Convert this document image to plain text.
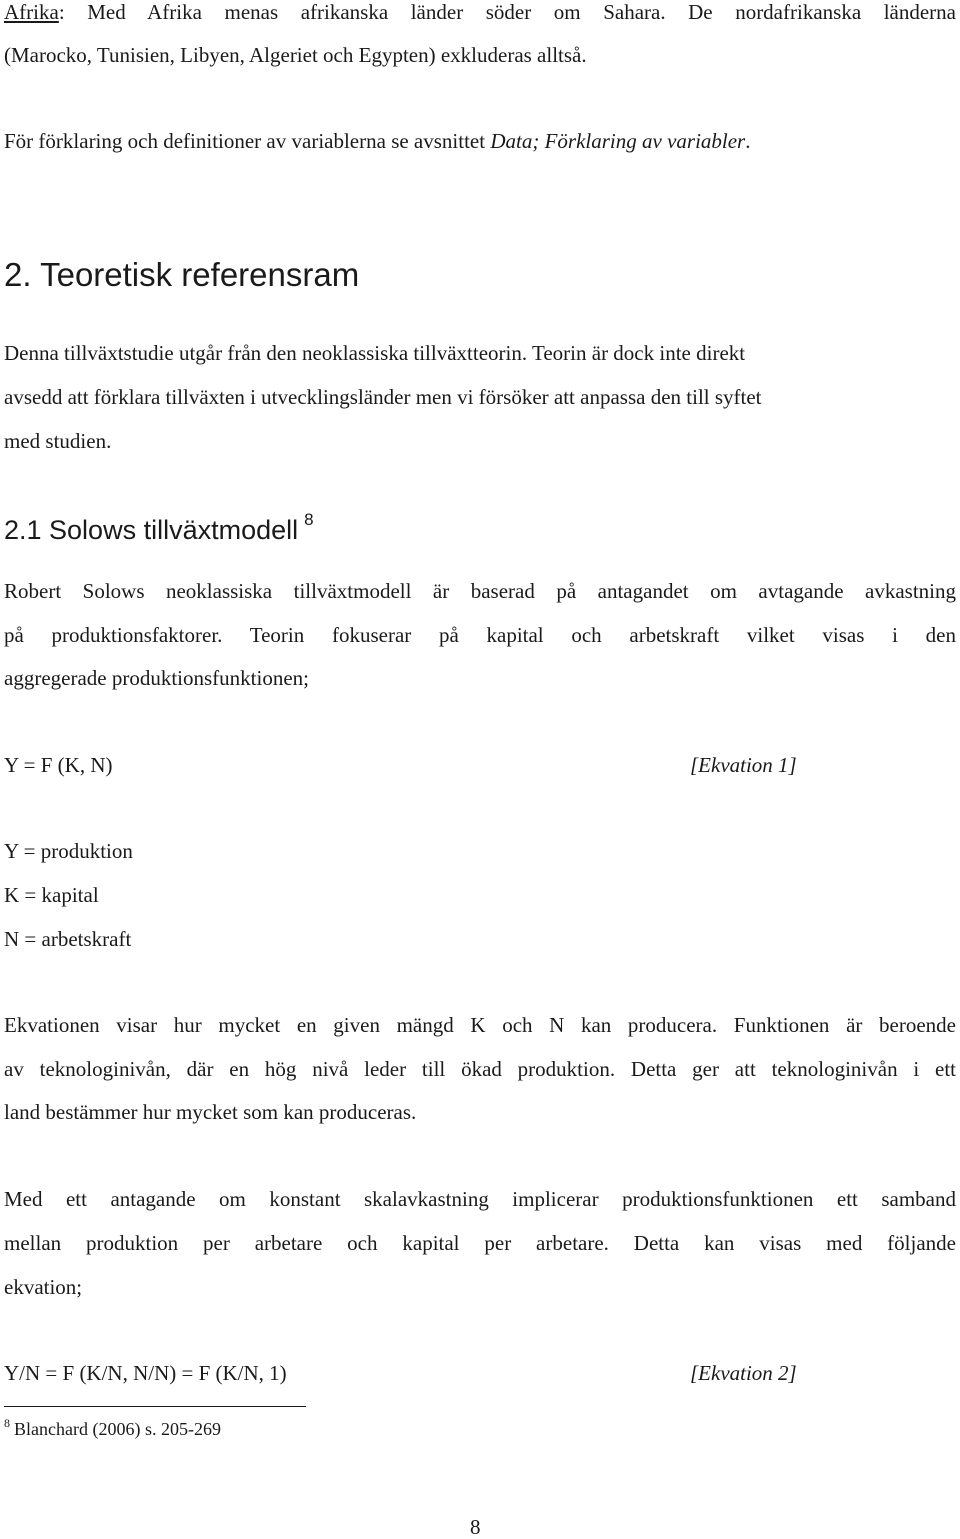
Afrika: Med Afrika menas afrikanska länder söder om Sahara. De nordafrikanska länderna
(Marocko, Tunisien, Libyen, Algeriet och Egypten) exkluderas alltså.
För förklaring och definitioner av variablerna se avsnittet Data; Förklaring av variabler.
2. Teoretisk referensram
Denna tillväxtstudie utgår från den neoklassiska tillväxtteorin. Teorin är dock inte direkt
avsedd att förklara tillväxten i utvecklingsländer men vi försöker att anpassa den till syftet
med studien.
2.1 Solows tillväxtmodell $^8$
Robert Solows neoklassiska tillväxtmodell är baserad på antagandet om avtagande avkastning
på produktionsfaktorer. Teorin fokuserar på kapital och arbetskraft vilket visas i den
aggregerade produktionsfunktionen;
Y = F (K, N)	[Ekvation 1]
Y = produktion
K = kapital
N = arbetskraft
Ekvationen visar hur mycket en given mängd K och N kan producera. Funktionen är beroende
av teknologinivån, där en hög nivå leder till ökad produktion. Detta ger att teknologinivån i ett
land bestämmer hur mycket som kan produceras.
Med ett antagande om konstant skalavkastning implicerar produktionsfunktionen ett samband
mellan produktion per arbetare och kapital per arbetare. Detta kan visas med följande
ekvation;
Y/N = F (K/N, N/N) = F (K/N, 1)	[Ekvation 2]
$^8$ Blanchard (2006) s. 205-269
8
